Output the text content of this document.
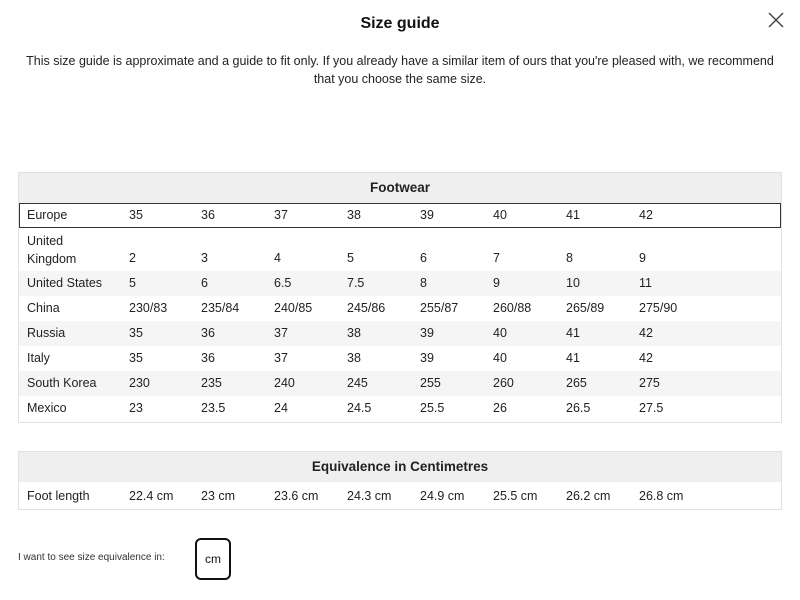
Size guide
This size guide is approximate and a guide to fit only. If you already have a similar item of ours that you're pleased with, we recommend that you choose the same size.
Footwear
Europe	35	36	37	38	39	40	41	42
United Kingdom	2	3	4	5	6	7	8	9
United States 5	6	6.5	7.5	8	9	10	11
China	230/83	235/84	240/85	245/86	255/87	260/88	265/89	275/90
Russia	35	36	37	38	39	40	41	42
Italy	35	36	37	38	39	40	41	42
South Korea	230	235	240	245	255	260	265	275
Mexico	23	23.5	24	24.5	25.5	26	26.5	27.5
Equivalence in Centimetres
Foot length	22.4 cm 23 cm	23.6 cm 24.3 cm 24.9 cm 25.5 cm 26.2 cm 26.8 cm
I want to see size equivalence in:	cm
